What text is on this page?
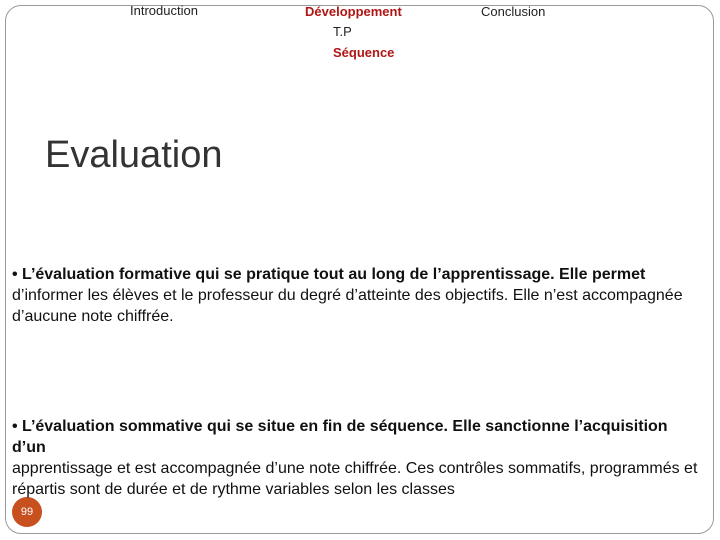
Introduction	Développement
T.P
Séquence
Conclusion
Evaluation
• L’évaluation formative qui se pratique tout au long de l’apprentissage. Elle permet
d’informer les élèves et le professeur du degré d’atteinte des objectifs. Elle n’est accompagnée d’aucune note chiffrée.
99
• L’évaluation sommative qui se situe en fin de séquence. Elle sanctionne l’acquisition d’un
apprentissage et est accompagnée d’une note chiffrée. Ces contrôles sommatifs, programmés et répartis sont de durée et de rythme variables selon les classes
